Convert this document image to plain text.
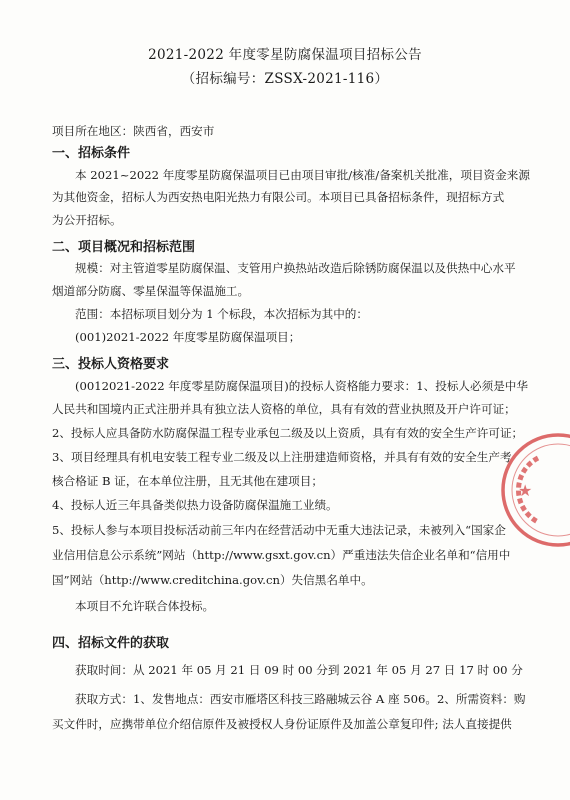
2021-2022 年度零星防腐保温项目招标公告
（招标编号：ZSSX-2021-116）
项目所在地区：陕西省，西安市
一、招标条件
本 2021~2022 年度零星防腐保温项目已由项目审批/核准/备案机关批准，项目资金来源
为其他资金，招标人为西安热电阳光热力有限公司。本项目已具备招标条件，现招标方式
为公开招标。
二、项目概况和招标范围
规模：对主管道零星防腐保温、支管用户换热站改造后除锈防腐保温以及供热中心水平
烟道部分防腐、零星保温等保温施工。
范围：本招标项目划分为 1 个标段，本次招标为其中的：
(001)2021-2022 年度零星防腐保温项目；
三、投标人资格要求
(0012021-2022 年度零星防腐保温项目)的投标人资格能力要求：1、投标人必须是中华
人民共和国境内正式注册并具有独立法人资格的单位，具有有效的营业执照及开户许可证；
2、投标人应具备防水防腐保温工程专业承包二级及以上资质，具有有效的安全生产许可证；
3、项目经理具有机电安装工程专业二级及以上注册建造师资格，并具有有效的安全生产考
核合格证 B 证，在本单位注册，且无其他在建项目；
4、投标人近三年具备类似热力设备防腐保温施工业绩。
5、投标人参与本项目投标活动前三年内在经营活动中无重大违法记录，未被列入“国家企
业信用信息公示系统”网站（http://www.gsxt.gov.cn）严重违法失信企业名单和“信用中
国”网站（http://www.creditchina.gov.cn）失信黑名单中。
本项目不允许联合体投标。
四、招标文件的获取
获取时间：从 2021 年 05 月 21 日 09 时 00 分到 2021 年 05 月 27 日 17 时 00 分
获取方式：1、发售地点：西安市雁塔区科技三路融城云谷 A 座 506。2、所需资料：购
买文件时，应携带单位介绍信原件及被授权人身份证原件及加盖公章复印件; 法人直接提供
★
